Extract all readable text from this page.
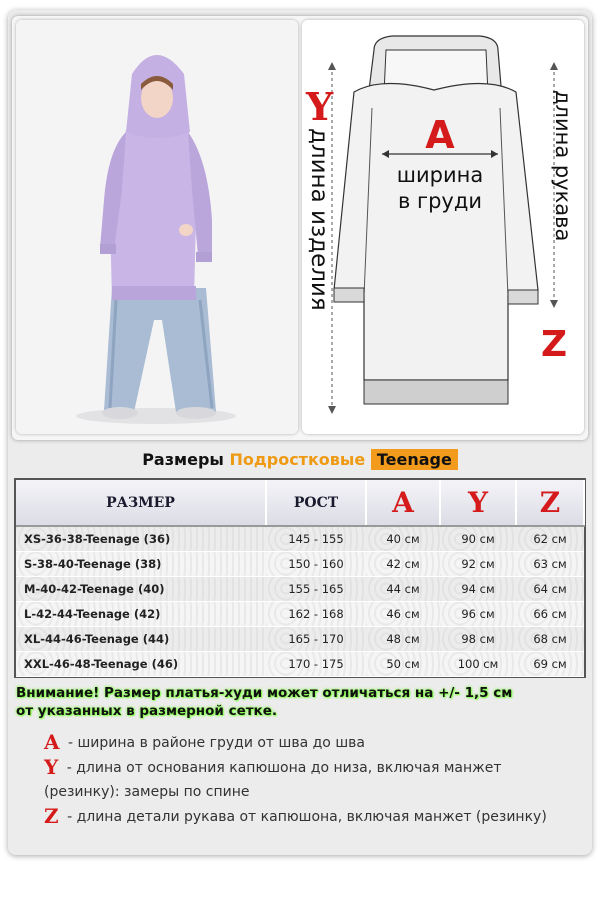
Y
A
Z
ширина
в груди
длина изделия	длина рукава
Размеры Подростковые Teenage
РАЗМЕР	РОСТ	A	Y	Z
XS-36-38-Teenage (36)	145 - 155	40 см	90 см	62 см
S-38-40-Teenage (38)	150 - 160	42 см	92 см	63 см
M-40-42-Teenage (40)	155 - 165	44 см	94 см	64 см
L-42-44-Teenage (42)	162 - 168	46 см	96 см	66 см
XL-44-46-Teenage (44)	165 - 170	48 см	98 см	68 см
XXL-46-48-Teenage (46)	170 - 175	50 см	100 см	69 см
Внимание! Размер платья-худи может отличаться на +/- 1,5 см
от указанных в размерной сетке.
A - ширина в районе груди от шва до шва
Y - длина от основания капюшона до низа, включая манжет (резинку): замеры по спине
Z - длина детали рукава от капюшона, включая манжет (резинку)
